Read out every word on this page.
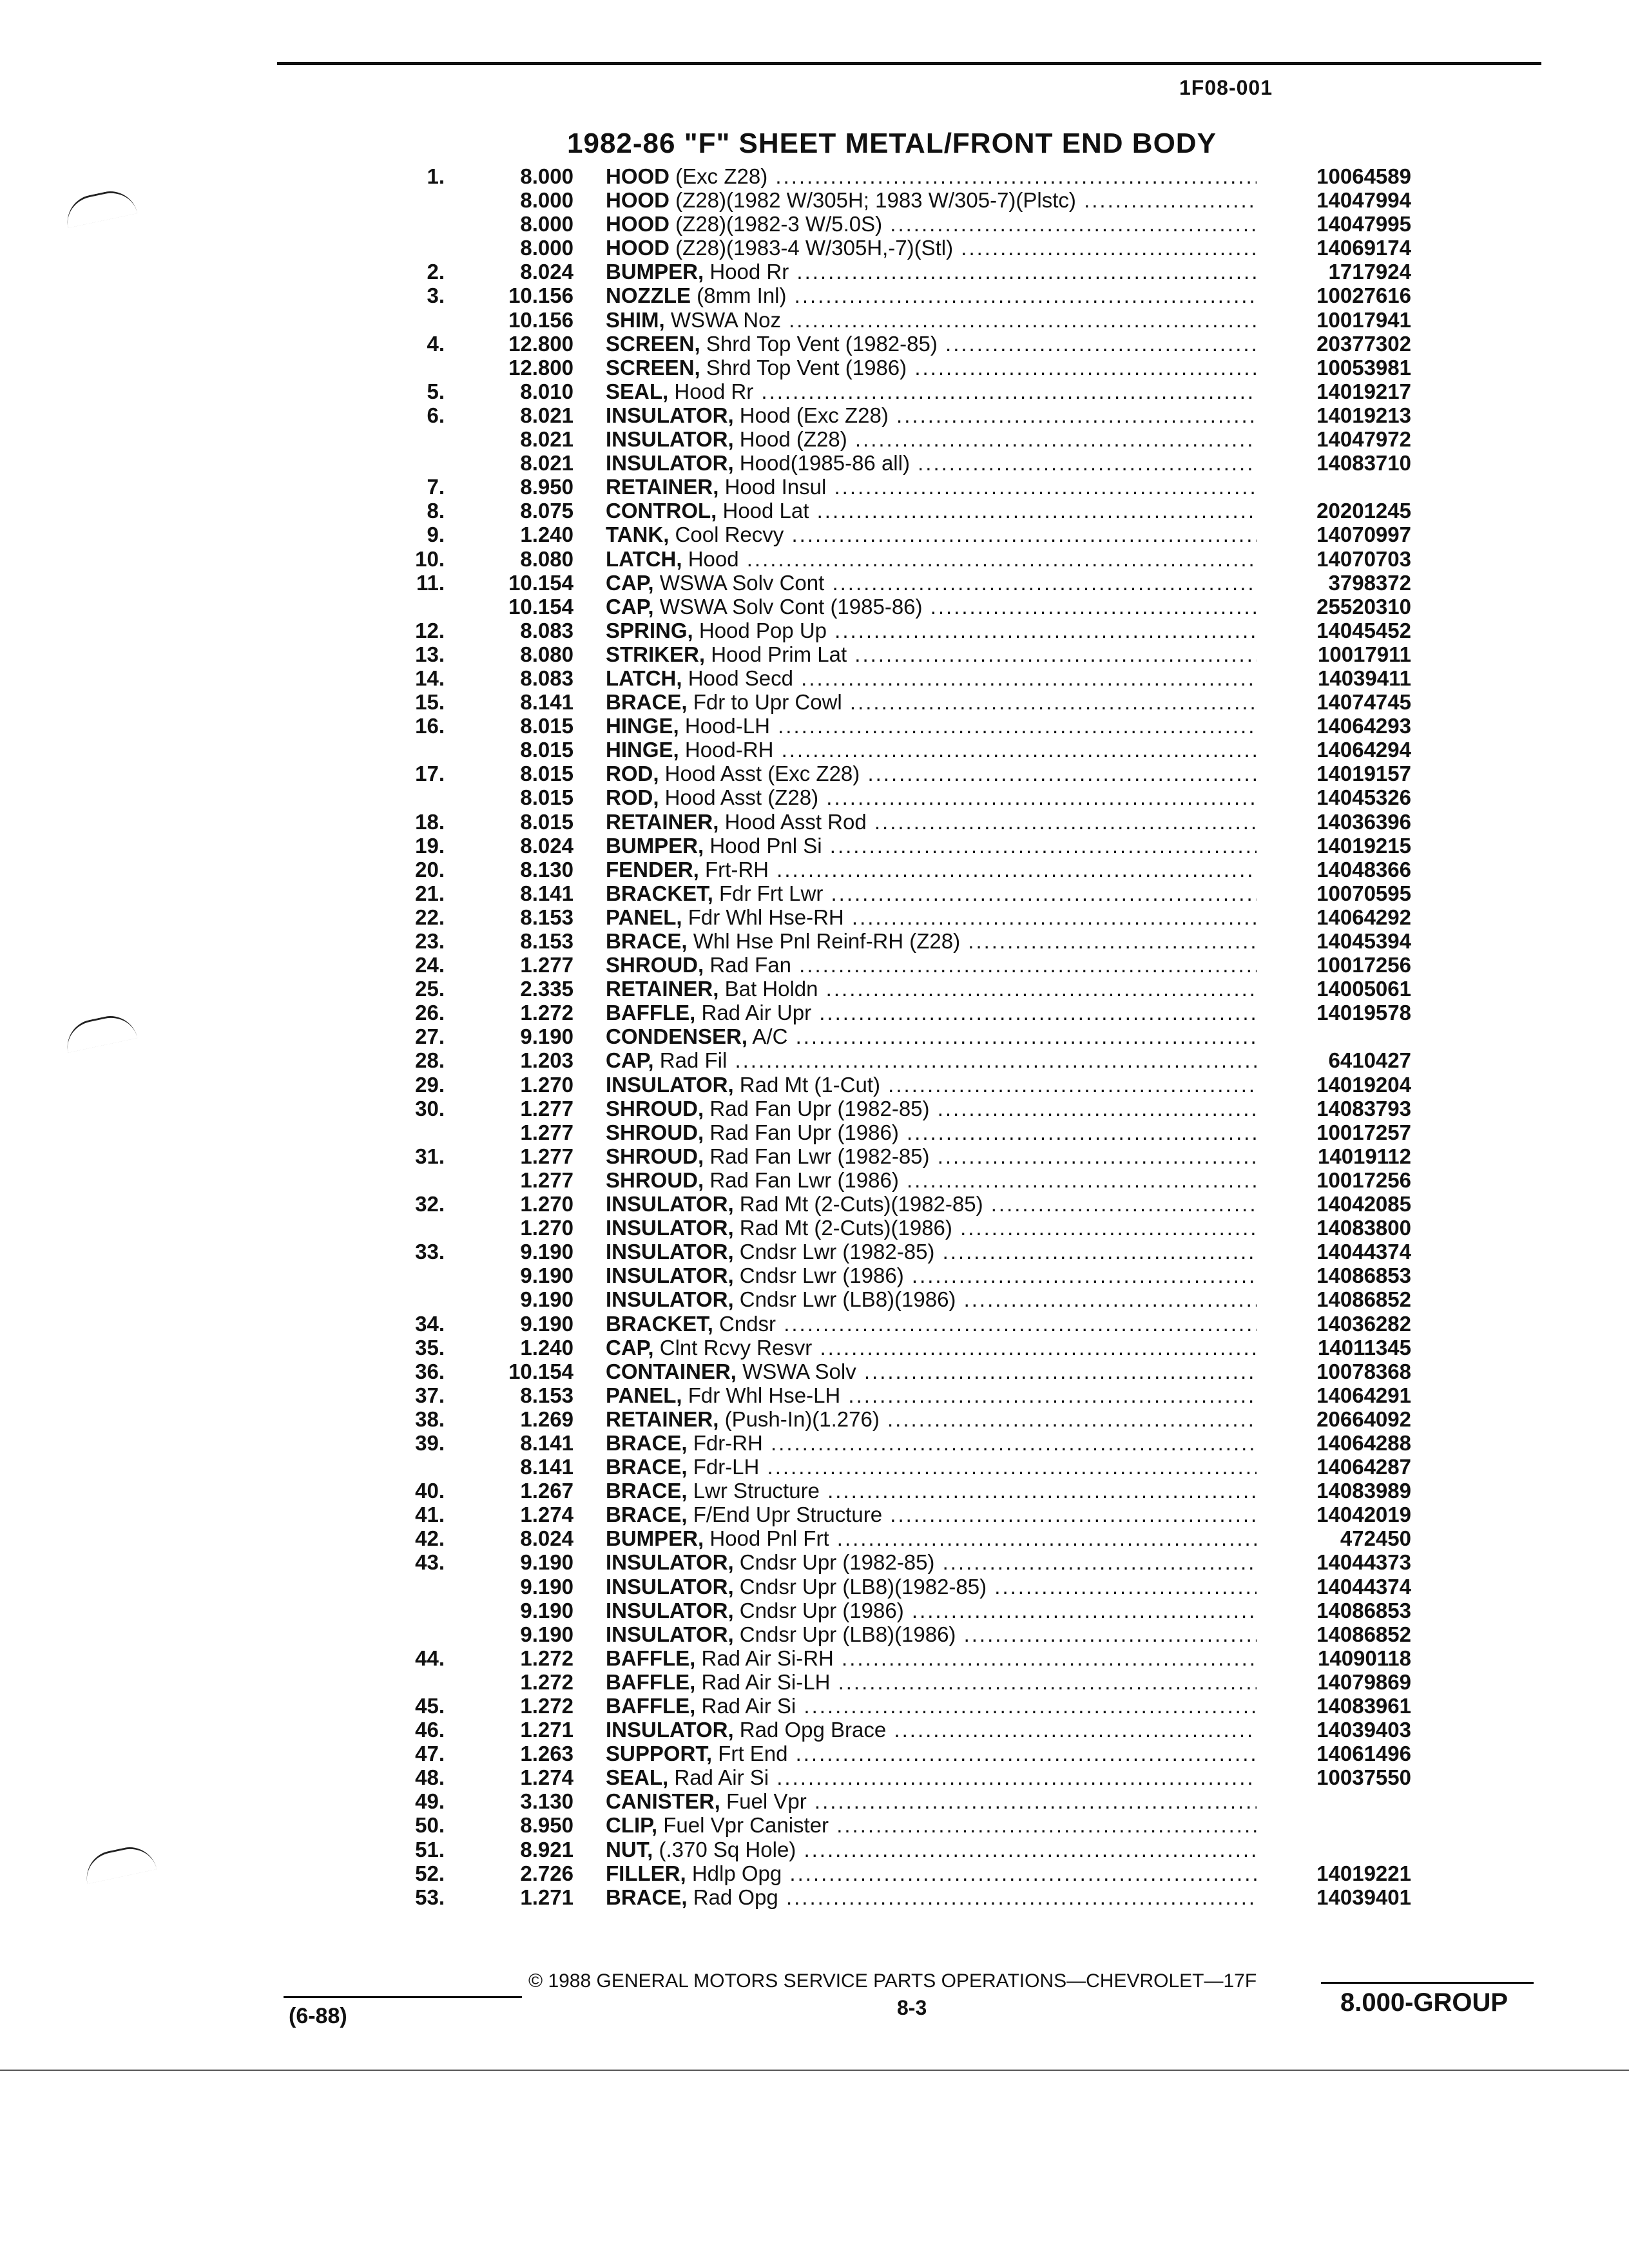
1F08-001
1982-86 "F" SHEET METAL/FRONT END BODY
1.	8.000 HOOD (Exc Z28) .....	10064589
8.000 HOOD (Z28)(1982 W/305H; 1983 W/305-7)(Plstc) .....	14047994
8.000 HOOD (Z28)(1982-3 W/5.0S) .....	14047995
8.000 HOOD (Z28)(1983-4 W/305H,-7)(Stl) .....	14069174
2.	8.024 BUMPER, Hood Rr .....	1717924
3.	10.156 NOZZLE (8mm Inl) .....	10027616
10.156 SHIM, WSWA Noz .....	10017941
4.	12.800 SCREEN, Shrd Top Vent (1982-85) .....	20377302
12.800 SCREEN, Shrd Top Vent (1986) .....	10053981
5.	8.010 SEAL, Hood Rr .....	14019217
6.	8.021 INSULATOR, Hood (Exc Z28) .....	14019213
8.021 INSULATOR, Hood (Z28) .....	14047972
8.021 INSULATOR, Hood(1985-86 all) .....	14083710
7.	8.950 RETAINER, Hood Insul .....
8.	8.075 CONTROL, Hood Lat .....	20201245
9.	1.240 TANK, Cool Recvy .....	14070997
10.	8.080 LATCH, Hood .....	14070703
11.	10.154 CAP, WSWA Solv Cont .....	3798372
10.154 CAP, WSWA Solv Cont (1985-86) .....	25520310
12.	8.083 SPRING, Hood Pop Up .....	14045452
13.	8.080 STRIKER, Hood Prim Lat .....	10017911
14.	8.083 LATCH, Hood Secd .....	14039411
15.	8.141 BRACE, Fdr to Upr Cowl .....	14074745
16.	8.015 HINGE, Hood-LH .....	14064293
8.015 HINGE, Hood-RH .....	14064294
17.	8.015 ROD, Hood Asst (Exc Z28) .....	14019157
8.015 ROD, Hood Asst (Z28) .....	14045326
18.	8.015 RETAINER, Hood Asst Rod .....	14036396
19.	8.024 BUMPER, Hood Pnl Si .....	14019215
20.	8.130 FENDER, Frt-RH .....	14048366
21.	8.141 BRACKET, Fdr Frt Lwr .....	10070595
22.	8.153 PANEL, Fdr Whl Hse-RH .....	14064292
23.	8.153 BRACE, Whl Hse Pnl Reinf-RH (Z28) .....	14045394
24.	1.277 SHROUD, Rad Fan .....	10017256
25.	2.335 RETAINER, Bat Holdn .....	14005061
26.	1.272 BAFFLE, Rad Air Upr .....	14019578
27.	9.190 CONDENSER, A/C .....
28.	1.203 CAP, Rad Fil .....	6410427
29.	1.270 INSULATOR, Rad Mt (1-Cut) .....	14019204
30.	1.277 SHROUD, Rad Fan Upr (1982-85) .....	14083793
1.277 SHROUD, Rad Fan Upr (1986) .....	10017257
31.	1.277 SHROUD, Rad Fan Lwr (1982-85) .....	14019112
1.277 SHROUD, Rad Fan Lwr (1986) .....	10017256
32.	1.270 INSULATOR, Rad Mt (2-Cuts)(1982-85) .....	14042085
1.270 INSULATOR, Rad Mt (2-Cuts)(1986) .....	14083800
33.	9.190 INSULATOR, Cndsr Lwr (1982-85) .....	14044374
9.190 INSULATOR, Cndsr Lwr (1986) .....	14086853
9.190 INSULATOR, Cndsr Lwr (LB8)(1986) .....	14086852
34.	9.190 BRACKET, Cndsr .....	14036282
35.	1.240 CAP, Clnt Rcvy Resvr .....	14011345
36.	10.154 CONTAINER, WSWA Solv .....	10078368
37.	8.153 PANEL, Fdr Whl Hse-LH .....	14064291
38.	1.269 RETAINER, (Push-In)(1.276) .....	20664092
39.	8.141 BRACE, Fdr-RH .....	14064288
8.141 BRACE, Fdr-LH .....	14064287
40.	1.267 BRACE, Lwr Structure .....	14083989
41.	1.274 BRACE, F/End Upr Structure .....	14042019
42.	8.024 BUMPER, Hood Pnl Frt .....	472450
43.	9.190 INSULATOR, Cndsr Upr (1982-85) .....	14044373
9.190 INSULATOR, Cndsr Upr (LB8)(1982-85) .....	14044374
9.190 INSULATOR, Cndsr Upr (1986) .....	14086853
9.190 INSULATOR, Cndsr Upr (LB8)(1986) .....	14086852
44.	1.272 BAFFLE, Rad Air Si-RH .....	14090118
1.272 BAFFLE, Rad Air Si-LH .....	14079869
45.	1.272 BAFFLE, Rad Air Si .....	14083961
46.	1.271 INSULATOR, Rad Opg Brace .....	14039403
47.	1.263 SUPPORT, Frt End .....	14061496
48.	1.274 SEAL, Rad Air Si .....	10037550
49.	3.130 CANISTER, Fuel Vpr .....
50.	8.950 CLIP, Fuel Vpr Canister .....
51.	8.921 NUT, (.370 Sq Hole) .....
52.	2.726 FILLER, Hdlp Opg .....	14019221
53.	1.271 BRACE, Rad Opg .....	14039401
© 1988 GENERAL MOTORS SERVICE PARTS OPERATIONS—CHEVROLET—17F
8-3
(6-88)	8.000-GROUP
